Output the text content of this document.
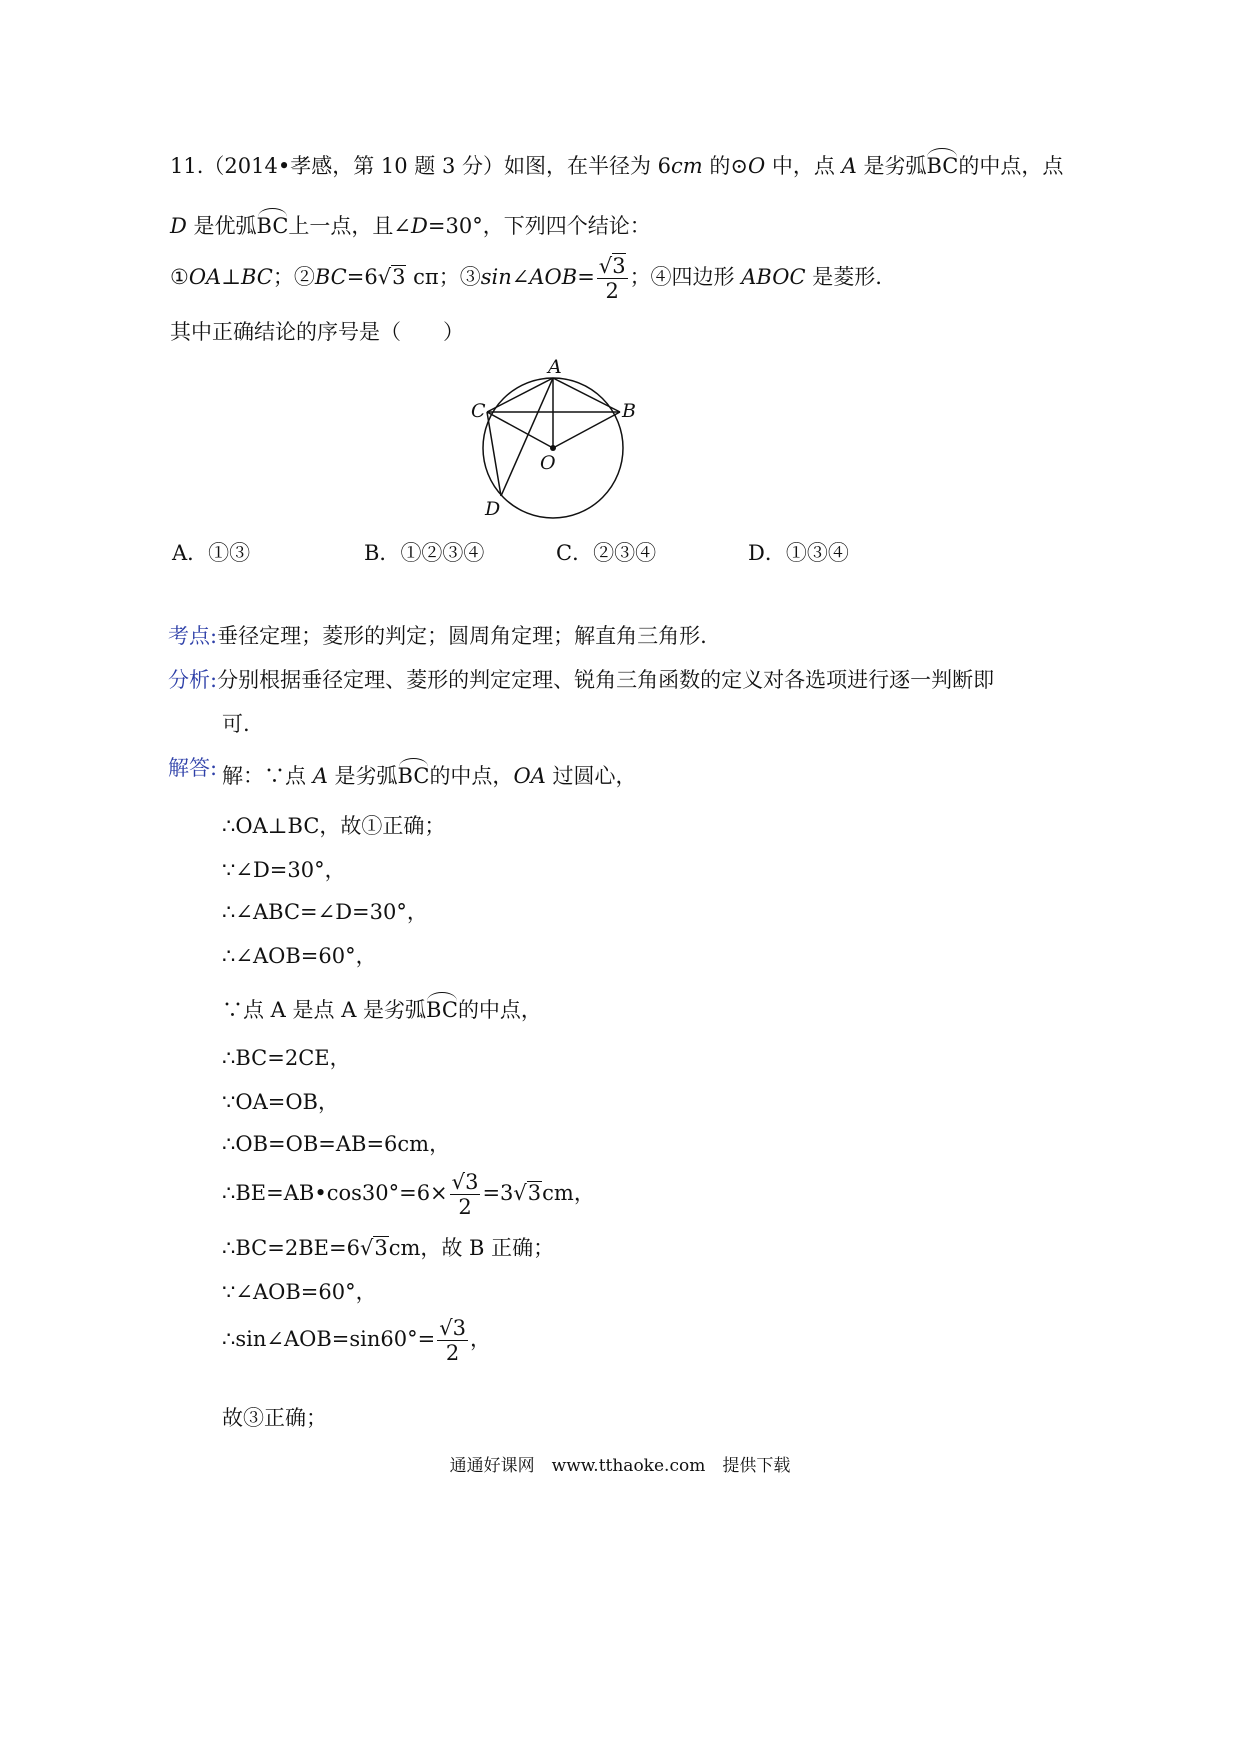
11.（2014•孝感，第 10 题 3 分）如图，在半径为 6cm 的⊙O 中，点 A 是劣弧BC的中点，点
D 是优弧BC上一点，且∠D=30°，下列四个结论：
①OA⊥BC；②BC=6√3 cπ；③sin∠AOB= $\frac{√3}{2}$ ；④四边形 ABOC 是菱形.
其中正确结论的序号是（　　）
A
B
C
O
D
A．①③	B．①②③④	C．②③④	D．①③④
考点:垂径定理；菱形的判定；圆周角定理；解直角三角形.
分析:分别根据垂径定理、菱形的判定定理、锐角三角函数的定义对各选项进行逐一判断即
可.
解答: 解：∵点 A 是劣弧BC的中点，OA 过圆心，
∴OA⊥BC，故①正确；
∵∠D=30°，
∴∠ABC=∠D=30°，
∴∠AOB=60°，
∵点 A 是点 A 是劣弧BC的中点，
∴BC=2CE，
∵OA=OB，
∴OB=OB=AB=6cm，
∴BE=AB•cos30°=6× $\frac{√3}{2} =3√3cm$，
∴BC=2BE=6√3cm，故 B 正确；
∵∠AOB=60°，
∴sin∠AOB=sin60°= $\frac{√3}{2}$ ，
故③正确；
通通好课网　www.tthaoke.com　提供下载
